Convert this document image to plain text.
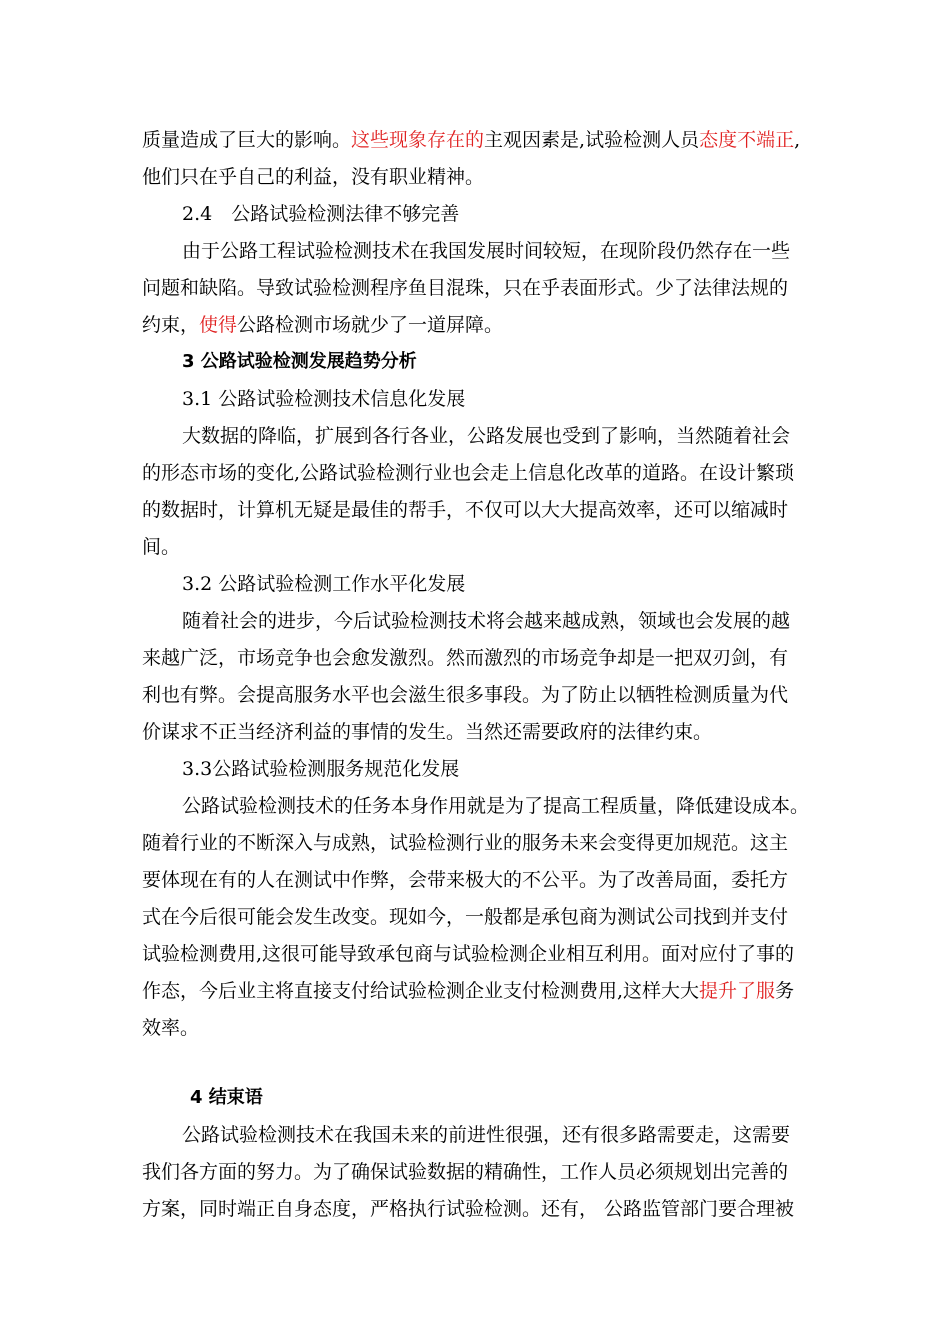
质量造成了巨大的影响。这些现象存在的主观因素是,试验检测人员态度不端正,
他们只在乎自己的利益，没有职业精神。
2.4　公路试验检测法律不够完善
由于公路工程试验检测技术在我国发展时间较短，在现阶段仍然存在一些
问题和缺陷。导致试验检测程序鱼目混珠，只在乎表面形式。少了法律法规的
约束，使得公路检测市场就少了一道屏障。
3 公路试验检测发展趋势分析
3.1 公路试验检测技术信息化发展
大数据的降临，扩展到各行各业，公路发展也受到了影响，当然随着社会
的形态市场的变化,公路试验检测行业也会走上信息化改革的道路。在设计繁琐
的数据时，计算机无疑是最佳的帮手，不仅可以大大提高效率，还可以缩减时
间。
3.2 公路试验检测工作水平化发展
随着社会的进步，今后试验检测技术将会越来越成熟，领域也会发展的越
来越广泛，市场竞争也会愈发激烈。然而激烈的市场竞争却是一把双刃剑，有
利也有弊。会提高服务水平也会滋生很多事段。为了防止以牺牲检测质量为代
价谋求不正当经济利益的事情的发生。当然还需要政府的法律约束。
3.3公路试验检测服务规范化发展
公路试验检测技术的任务本身作用就是为了提高工程质量，降低建设成本。
随着行业的不断深入与成熟，试验检测行业的服务未来会变得更加规范。这主
要体现在有的人在测试中作弊，会带来极大的不公平。为了改善局面，委托方
式在今后很可能会发生改变。现如今，一般都是承包商为测试公司找到并支付
试验检测费用,这很可能导致承包商与试验检测企业相互利用。面对应付了事的
作态，今后业主将直接支付给试验检测企业支付检测费用,这样大大提升了服务
效率。
4 结束语
公路试验检测技术在我国未来的前进性很强，还有很多路需要走，这需要
我们各方面的努力。为了确保试验数据的精确性，工作人员必须规划出完善的
方案，同时端正自身态度，严格执行试验检测。还有， 公路监管部门要合理被
